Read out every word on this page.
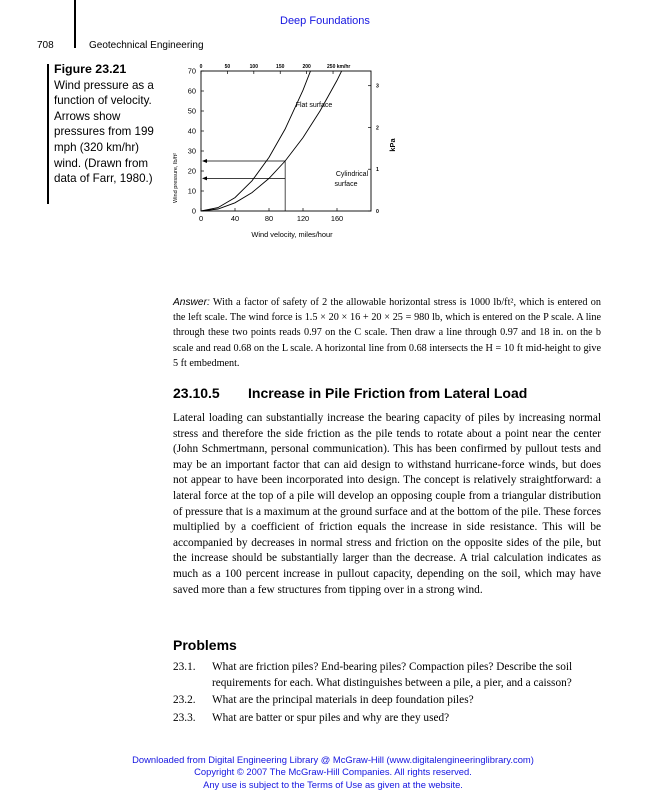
Deep Foundations
708	Geotechnical Engineering
Figure 23.21
Wind pressure as a function of velocity. Arrows show pressures from 199 mph (320 km/hr) wind. (Drawn from data of Farr, 1980.)
0
10
20
30
40
50
60
70
0	40	80	120	160
0	50	100	150	200	250 km/hr
0
1
2
3
Flat surface
Cylindrical
surface
Wind pressure, lb/ft²
Wind velocity, miles/hour
kPa
Answer: With a factor of safety of 2 the allowable horizontal stress is 1000 lb/ft², which is entered on the left scale. The wind force is 1.5 × 20 × 16 + 20 × 25 = 980 lb, which is entered on the P scale. A line through these two points reads 0.97 on the C scale. Then draw a line through 0.97 and 18 in. on the b scale and read 0.68 on the L scale. A horizontal line from 0.68 intersects the H = 10 ft mid-height to give 5 ft embedment.
23.10.5 Increase in Pile Friction from Lateral Load
Lateral loading can substantially increase the bearing capacity of piles by increasing normal stress and therefore the side friction as the pile tends to rotate about a point near the center (John Schmertmann, personal communication). This has been confirmed by pullout tests and may be an important factor that can aid design to withstand hurricane-force winds, but does not appear to have been incorporated into design. The concept is relatively straightforward: a lateral force at the top of a pile will develop an opposing couple from a triangular distribution of pressure that is a maximum at the ground surface and at the bottom of the pile. These forces multiplied by a coefficient of friction equals the increase in side resistance. This will be accompanied by decreases in normal stress and friction on the opposite sides of the pile, but the increase should be substantially larger than the decrease. A trial calculation indicates as much as a 100 percent increase in pullout capacity, depending on the soil, which may have saved more than a few structures from tipping over in a strong wind.
Problems
23.1.	What are friction piles? End-bearing piles? Compaction piles? Describe the soil requirements for each. What distinguishes between a pile, a pier, and a caisson?
23.2.	What are the principal materials in deep foundation piles?
23.3.	What are batter or spur piles and why are they used?
Downloaded from Digital Engineering Library @ McGraw-Hill (www.digitalengineeringlibrary.com)
Copyright © 2007 The McGraw-Hill Companies. All rights reserved.
Any use is subject to the Terms of Use as given at the website.
